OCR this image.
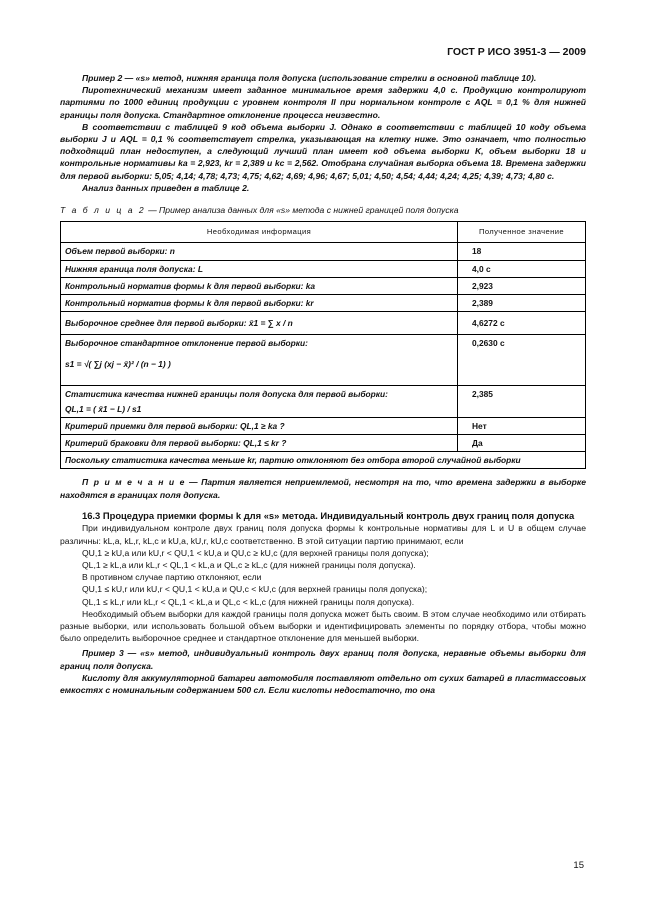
ГОСТ Р ИСО 3951-3 — 2009

Пример 2 — «s» метод, нижняя граница поля допуска (использование стрелки в основной таблице 10).

Пиротехнический механизм имеет заданное минимальное время задержки 4,0 с. Продукцию контролируют партиями по 1000 единиц продукции с уровнем контроля II при нормальном контроле с AQL = 0,1 % для нижней границы поля допуска. Стандартное отклонение процесса неизвестно.

В соответствии с таблицей 9 код объема выборки J. Однако в соответствии с таблицей 10 коду объема выборки J и AQL = 0,1 % соответствует стрелка, указывающая на клетку ниже. Это означает, что полностью подходящий план недоступен, а следующий лучший план имеет код объема выборки K, объем выборки 18 и контрольные нормативы kа = 2,923, kr = 2,389 и kc = 2,562. Отобрана случайная выборка объема 18. Времена задержки для первой выборки: 5,05; 4,14; 4,78; 4,73; 4,75; 4,62; 4,69; 4,96; 4,67; 5,01; 4,50; 4,54; 4,44; 4,24; 4,25; 4,39; 4,73; 4,80 с.

Анализ данных приведен в таблице 2.

Т а б л и ц а 2 — Пример анализа данных для «s» метода с нижней границей поля допуска

Необходимая информация	Полученное значение
Объем первой выборки: n	18
Нижняя граница поля допуска: L	4,0 с
Контрольный норматив формы k для первой выборки: kа	2,923
Контрольный норматив формы k для первой выборки: kr	2,389
Выборочное среднее для первой выборки: x̄1 = ∑ x / n	4,6272 с

Выборочное стандартное отклонение первой выборки:
s1 = √( ∑j (xj − x̄)² / (n − 1) )	0,2630 с

Статистика качества нижней границы поля допуска для первой выборки:
QL,1 = ( x̄1 − L) / s1	2,385
Критерий приемки для первой выборки: QL,1 ≥ kа ?	Нет
Критерий браковки для первой выборки: QL,1 ≤ kr ?	Да
Поскольку статистика качества меньше kr, партию отклоняют без отбора второй случайной выборки	

П р и м е ч а н и е — Партия является неприемлемой, несмотря на то, что времена задержки в выборке находятся в границах поля допуска.

16.3 Процедура приемки формы k для «s» метода. Индивидуальный контроль двух границ поля допуска

При индивидуальном контроле двух границ поля допуска формы k контрольные нормативы для L и U в общем случае различны: kL,a, kL,r, kL,c и kU,a, kU,r, kU,c соответственно. В этой ситуации партию принимают, если

QU,1 ≥ kU,a или kU,r < QU,1 < kU,a и QU,c ≥ kU,c (для верхней границы поля допуска);

QL,1 ≥ kL,a или kL,r < QL,1 < kL,a и QL,c ≥ kL,c (для нижней границы поля допуска).

В противном случае партию отклоняют, если

QU,1 ≤ kU,r или kU,r < QU,1 < kU,a и QU,c < kU,c (для верхней границы поля допуска);

QL,1 ≤ kL,r или kL,r < QL,1 < kL,a и QL,c < kL,c (для нижней границы поля допуска).

Необходимый объем выборки для каждой границы поля допуска может быть своим. В этом случае необходимо или отбирать разные выборки, или использовать большой объем выборки и идентифицировать элементы по порядку отбора, чтобы можно было определить выборочное среднее и стандартное отклонение для меньшей выборки.

Пример 3 — «s» метод, индивидуальный контроль двух границ поля допуска, неравные объемы выборки для границ поля допуска.

Кислоту для аккумуляторной батареи автомобиля поставляют отдельно от сухих батарей в пластмассовых емкостях с номинальным содержанием 500 сл. Если кислоты недостаточно, то она

15
